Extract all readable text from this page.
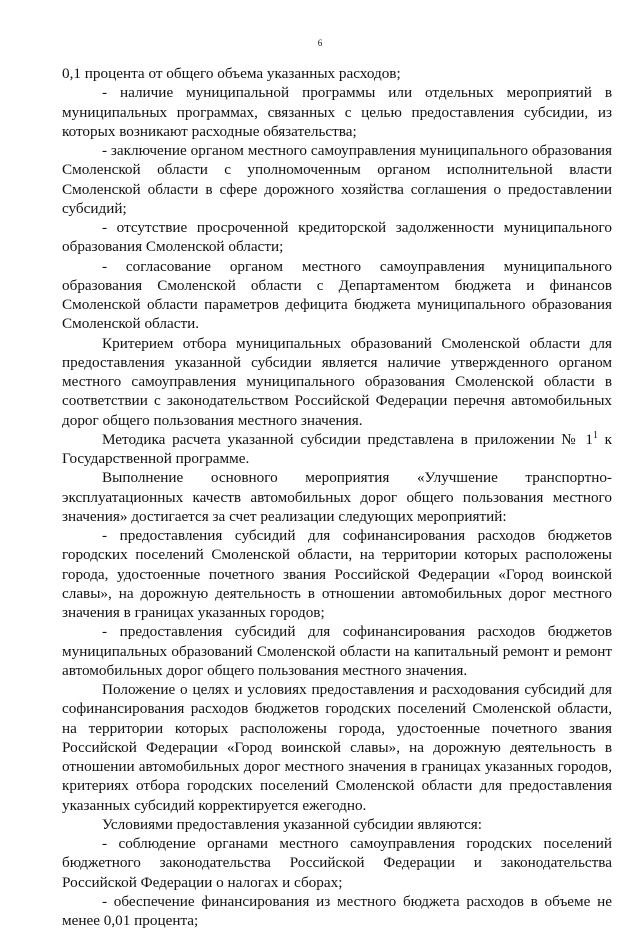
6

0,1 процента от общего объема указанных расходов;

- наличие муниципальной программы или отдельных мероприятий в муниципальных программах, связанных с целью предоставления субсидии, из которых возникают расходные обязательства;

- заключение органом местного самоуправления муниципального образования Смоленской области с уполномоченным органом исполнительной власти Смоленской области в сфере дорожного хозяйства соглашения о предоставлении субсидий;

- отсутствие просроченной кредиторской задолженности муниципального образования Смоленской области;

- согласование органом местного самоуправления муниципального образования Смоленской области с Департаментом бюджета и финансов Смоленской области параметров дефицита бюджета муниципального образования Смоленской области.

Критерием отбора муниципальных образований Смоленской области для предоставления указанной субсидии является наличие утвержденного органом местного самоуправления муниципального образования Смоленской области в соответствии с законодательством Российской Федерации перечня автомобильных дорог общего пользования местного значения.

Методика расчета указанной субсидии представлена в приложении № $1^1$ к Государственной программе.

Выполнение основного мероприятия «Улучшение транспортно-эксплуатационных качеств автомобильных дорог общего пользования местного значения» достигается за счет реализации следующих мероприятий:

- предоставления субсидий для софинансирования расходов бюджетов городских поселений Смоленской области, на территории которых расположены города, удостоенные почетного звания Российской Федерации «Город воинской славы», на дорожную деятельность в отношении автомобильных дорог местного значения в границах указанных городов;

- предоставления субсидий для софинансирования расходов бюджетов муниципальных образований Смоленской области на капитальный ремонт и ремонт автомобильных дорог общего пользования местного значения.

Положение о целях и условиях предоставления и расходования субсидий для софинансирования расходов бюджетов городских поселений Смоленской области, на территории которых расположены города, удостоенные почетного звания Российской Федерации «Город воинской славы», на дорожную деятельность в отношении автомобильных дорог местного значения в границах указанных городов, критериях отбора городских поселений Смоленской области для предоставления указанных субсидий корректируется ежегодно.

Условиями предоставления указанной субсидии являются:

- соблюдение органами местного самоуправления городских поселений бюджетного законодательства Российской Федерации и законодательства Российской Федерации о налогах и сборах;

- обеспечение финансирования из местного бюджета расходов в объеме не менее 0,01 процента;
